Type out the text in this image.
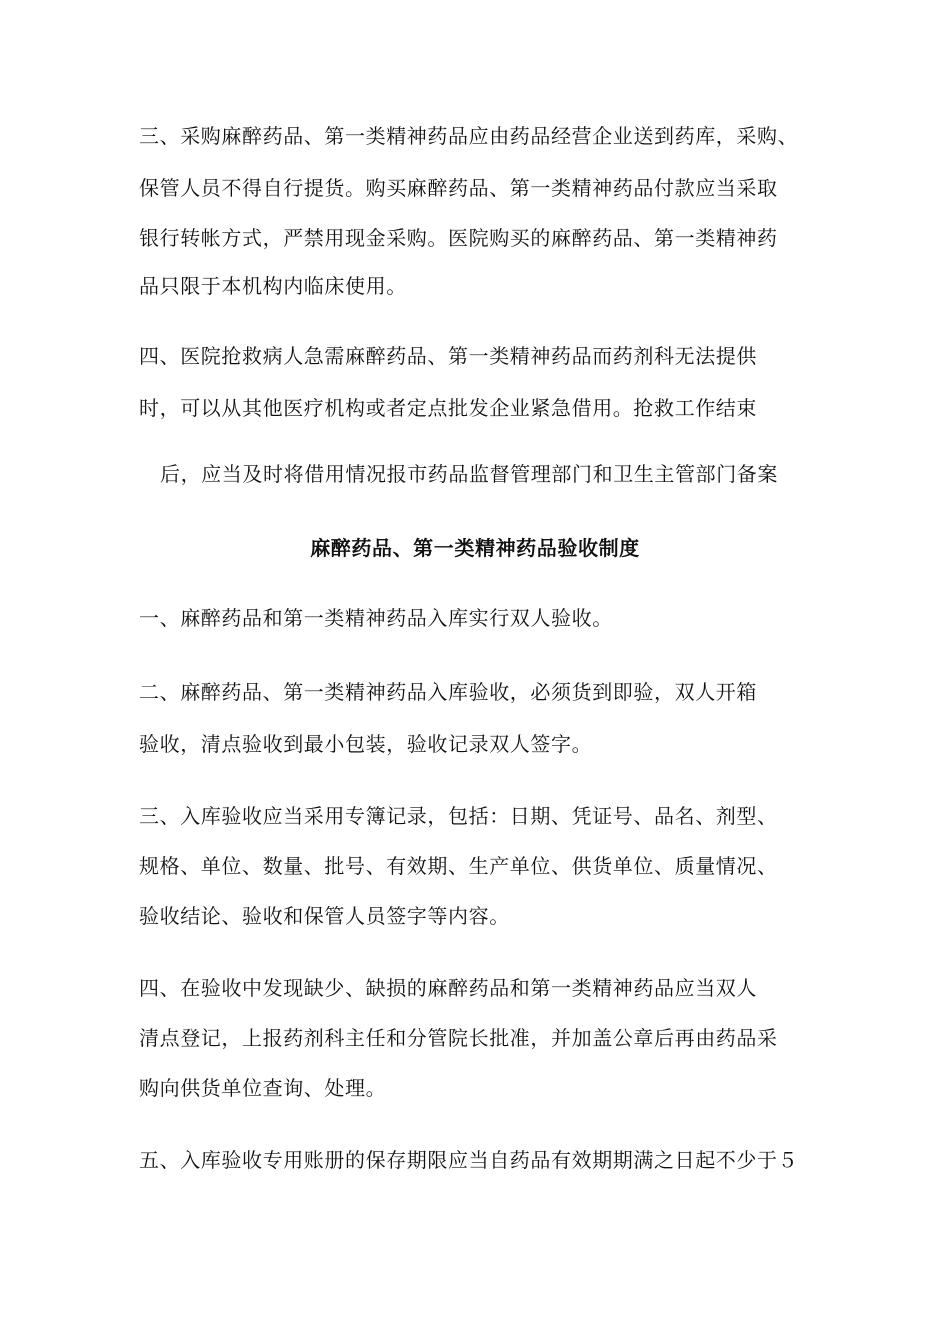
三、采购麻醉药品、第一类精神药品应由药品经营企业送到药库，采购、
保管人员不得自行提货。购买麻醉药品、第一类精神药品付款应当采取
银行转帐方式，严禁用现金采购。医院购买的麻醉药品、第一类精神药
品只限于本机构内临床使用。
四、医院抢救病人急需麻醉药品、第一类精神药品而药剂科无法提供
时，可以从其他医疗机构或者定点批发企业紧急借用。抢救工作结束
后，应当及时将借用情况报市药品监督管理部门和卫生主管部门备案
麻醉药品、第一类精神药品验收制度
一、麻醉药品和第一类精神药品入库实行双人验收。
二、麻醉药品、第一类精神药品入库验收，必须货到即验，双人开箱
验收，清点验收到最小包装，验收记录双人签字。
三、入库验收应当采用专簿记录，包括：日期、凭证号、品名、剂型、
规格、单位、数量、批号、有效期、生产单位、供货单位、质量情况、
验收结论、验收和保管人员签字等内容。
四、在验收中发现缺少、缺损的麻醉药品和第一类精神药品应当双人
清点登记，上报药剂科主任和分管院长批准，并加盖公章后再由药品采
购向供货单位查询、处理。
五、入库验收专用账册的保存期限应当自药品有效期期满之日起不少于５
